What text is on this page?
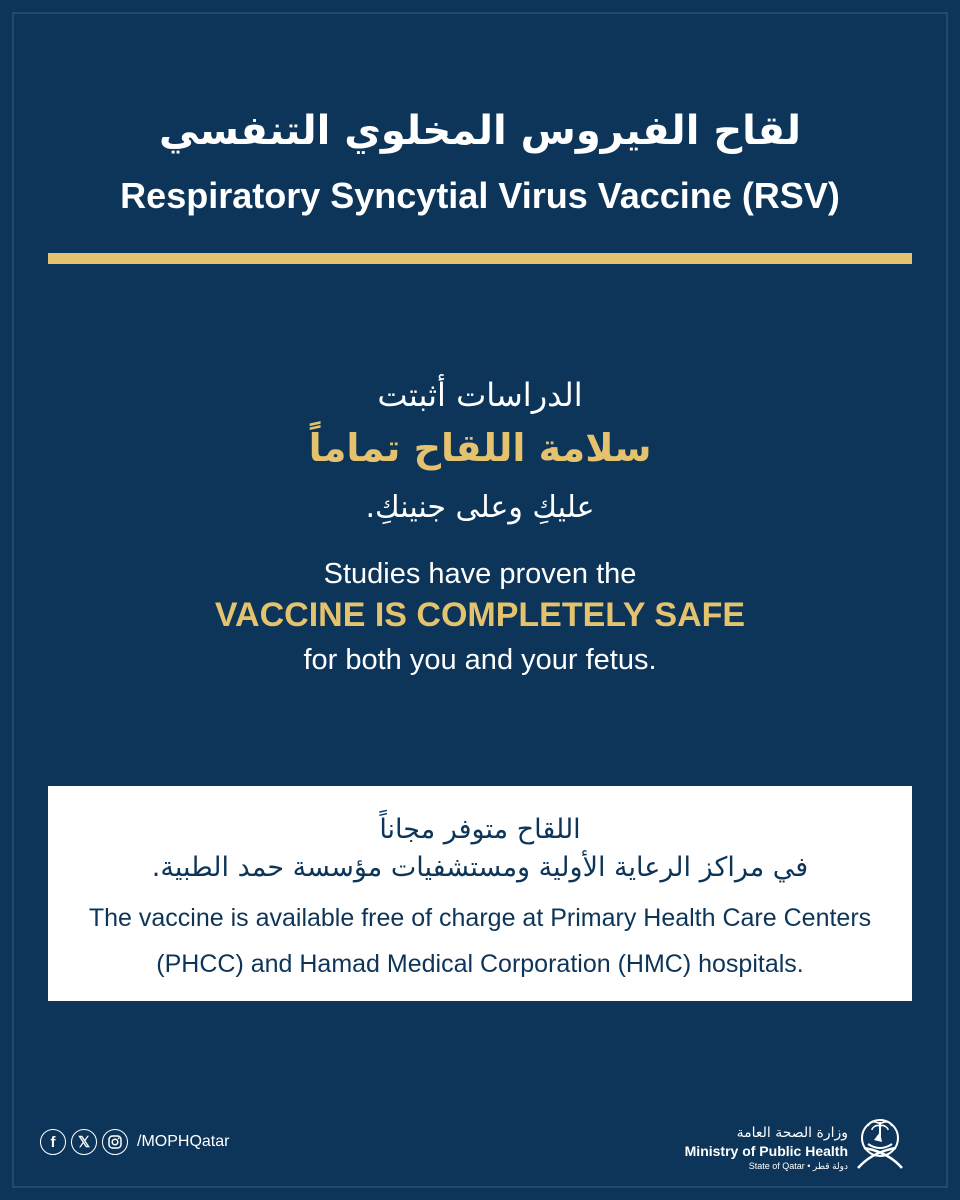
لقاح الفيروس المخلوي التنفسي
Respiratory Syncytial Virus Vaccine (RSV)
الدراسات أثبتت
سلامة اللقاح تماماً
عليكِ وعلى جنينكِ.
Studies have proven the
VACCINE IS COMPLETELY SAFE
for both you and your fetus.
اللقاح متوفر مجاناً
في مراكز الرعاية الأولية ومستشفيات مؤسسة حمد الطبية.
The vaccine is available free of charge at Primary Health Care Centers
(PHCC) and Hamad Medical Corporation (HMC) hospitals.
f	𝕏	/MOPHQatar	وزارة الصحة العامة
Ministry of Public Health
State of Qatar • دولة قطر
